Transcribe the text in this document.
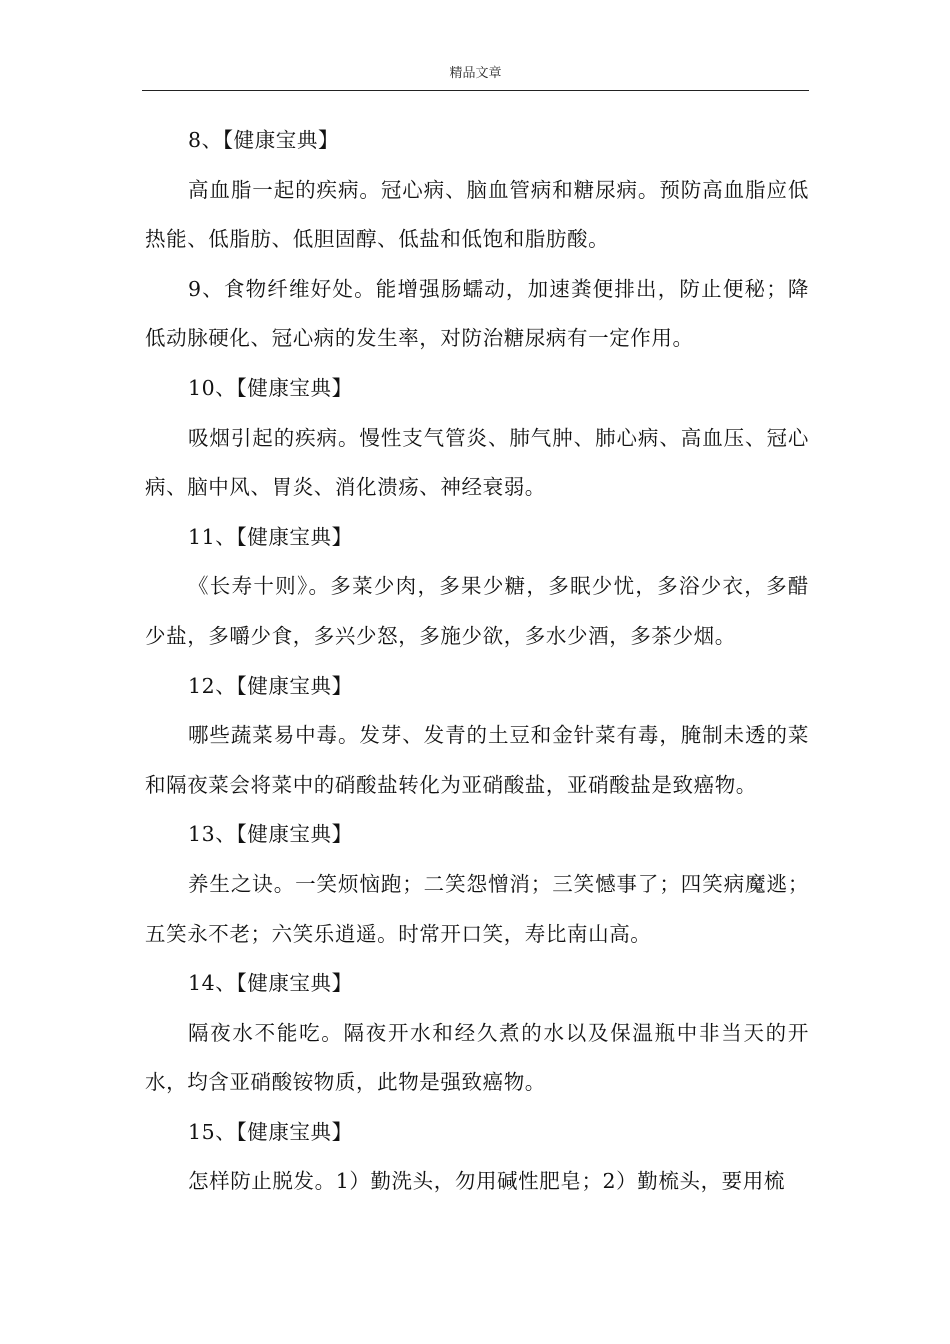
精品文章

8、【健康宝典】

高血脂一起的疾病。冠心病、脑血管病和糖尿病。预防高血脂应低热能、低脂肪、低胆固醇、低盐和低饱和脂肪酸。

9、食物纤维好处。能增强肠蠕动，加速粪便排出，防止便秘；降低动脉硬化、冠心病的发生率，对防治糖尿病有一定作用。

10、【健康宝典】

吸烟引起的疾病。慢性支气管炎、肺气肿、肺心病、高血压、冠心病、脑中风、胃炎、消化溃疡、神经衰弱。

11、【健康宝典】

《长寿十则》。多菜少肉，多果少糖，多眠少忧，多浴少衣，多醋少盐，多嚼少食，多兴少怒，多施少欲，多水少酒，多茶少烟。

12、【健康宝典】

哪些蔬菜易中毒。发芽、发青的土豆和金针菜有毒，腌制未透的菜和隔夜菜会将菜中的硝酸盐转化为亚硝酸盐，亚硝酸盐是致癌物。

13、【健康宝典】

养生之诀。一笑烦恼跑；二笑怨憎消；三笑憾事了；四笑病魔逃；五笑永不老；六笑乐逍遥。时常开口笑，寿比南山高。

14、【健康宝典】

隔夜水不能吃。隔夜开水和经久煮的水以及保温瓶中非当天的开水，均含亚硝酸铵物质，此物是强致癌物。

15、【健康宝典】

怎样防止脱发。1）勤洗头，勿用碱性肥皂；2）勤梳头，要用梳
